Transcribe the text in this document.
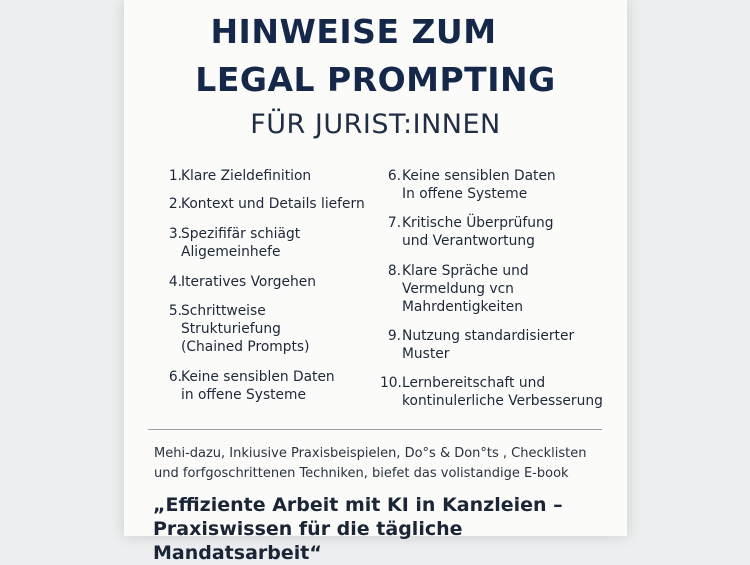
HINWEISE ZUM
LEGAL PROMPTING
FÜR JURIST:INNEN
1. Klare Zieldefinition
2. Kontext und Details liefern
3. Spezififär schiägt
Aligemeinhefe
4. Iteratives Vorgehen
5. Schrittweise
Strukturiefung
(Chained Prompts)
6. Keine sensiblen Daten
in offene Systeme
6. Keine sensiblen Daten
In offene Systeme
7. Kritische Überprüfung
und Verantwortung
8. Klare Spräche und
Vermeldung vcn
Mahrdentigkeiten
9. Nutzung standardisierter
Muster
10. Lernbereitschaft und
kontinulerliche Verbesserung
Mehi-dazu, Inkiusive Praxisbeispielen, Do°s & Don°ts , Checklisten
und forfgoschrittenen Techniken, biefet das volistandige E-book
„Effiziente Arbeit mit KI in Kanzleien –
Praxiswissen für die tägliche Mandatsarbeit“
